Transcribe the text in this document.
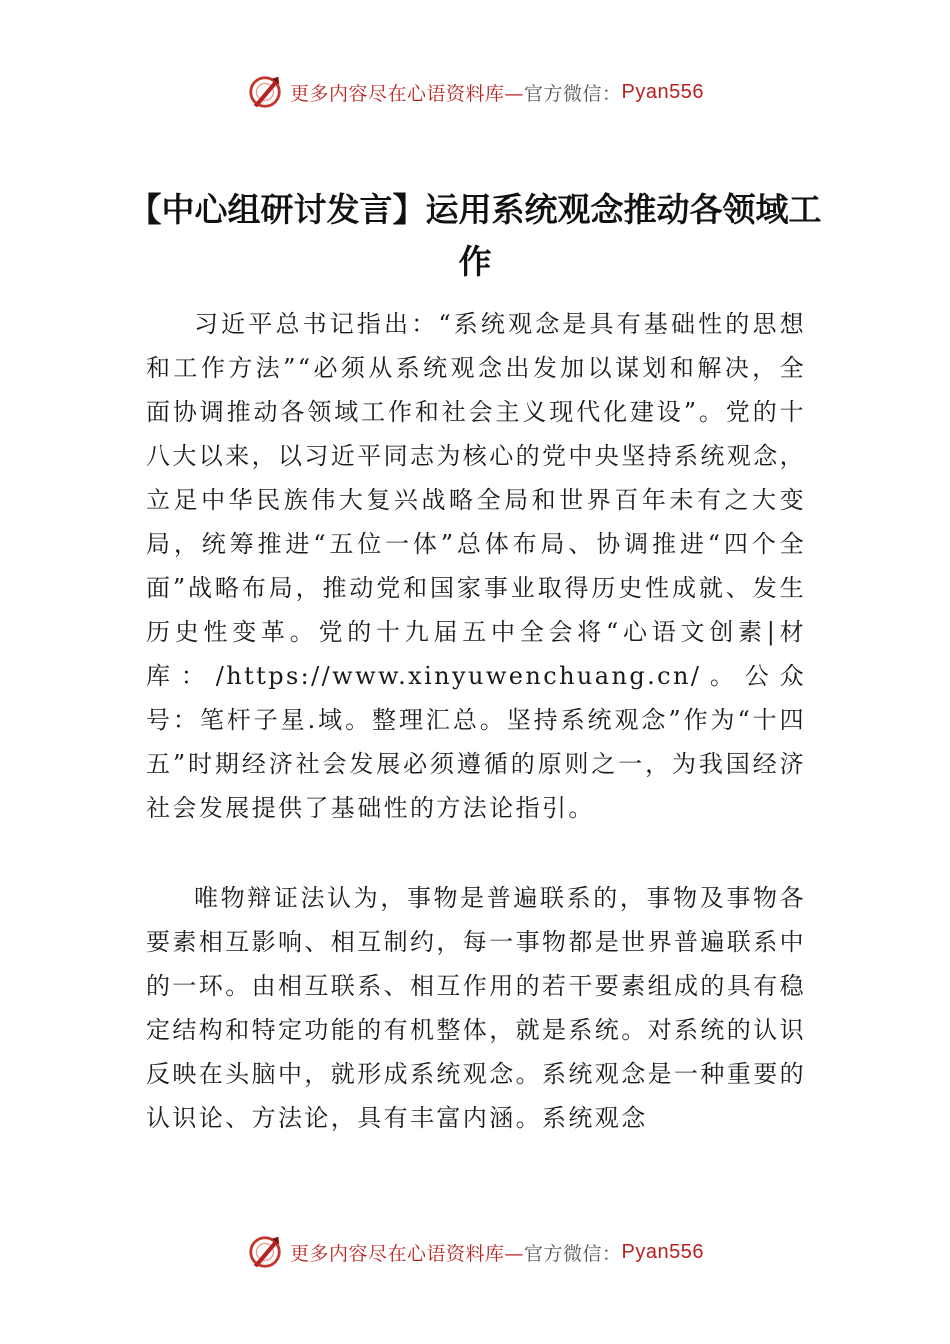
更多内容尽在心语资料库— 官方微信： Pyan556
【中心组研讨发言】运用系统观念推动各领域工作

习近平总书记指出：“系统观念是具有基础性的思想和工作方法”“必须从系统观念出发加以谋划和解决，全面协调推动各领域工作和社会主义现代化建设”。党的十八大以来，以习近平同志为核心的党中央坚持系统观念， 立足中华民族伟大复兴战略全局和世界百年未有之大变局，统筹推进“五位一体”总体布局、协调推进“四个全面”战略布局，推动党和国家事业取得历史性成就、发生历史性变革。党的十九届五中全会将“心语文创素|材库：/https://www.xinyuwenchuang.cn/。公众号：笔杆子星.域。整理汇总。坚持系统观念”作为“十四五”时期经济社会发展必须遵循的原则之一，为我国经济社会发展提供了基础性的方法论指引。

唯物辩证法认为，事物是普遍联系的，事物及事物各要素相互影响、相互制约，每一事物都是世界普遍联系中的一环。由相互联系、相互作用的若干要素组成的具有稳定结构和特定功能的有机整体，就是系统。对系统的认识反映在头脑中，就形成系统观念。系统观念是一种重要的认识论、方法论，具有丰富内涵。系统观念

更多内容尽在心语资料库— 官方微信： Pyan556
